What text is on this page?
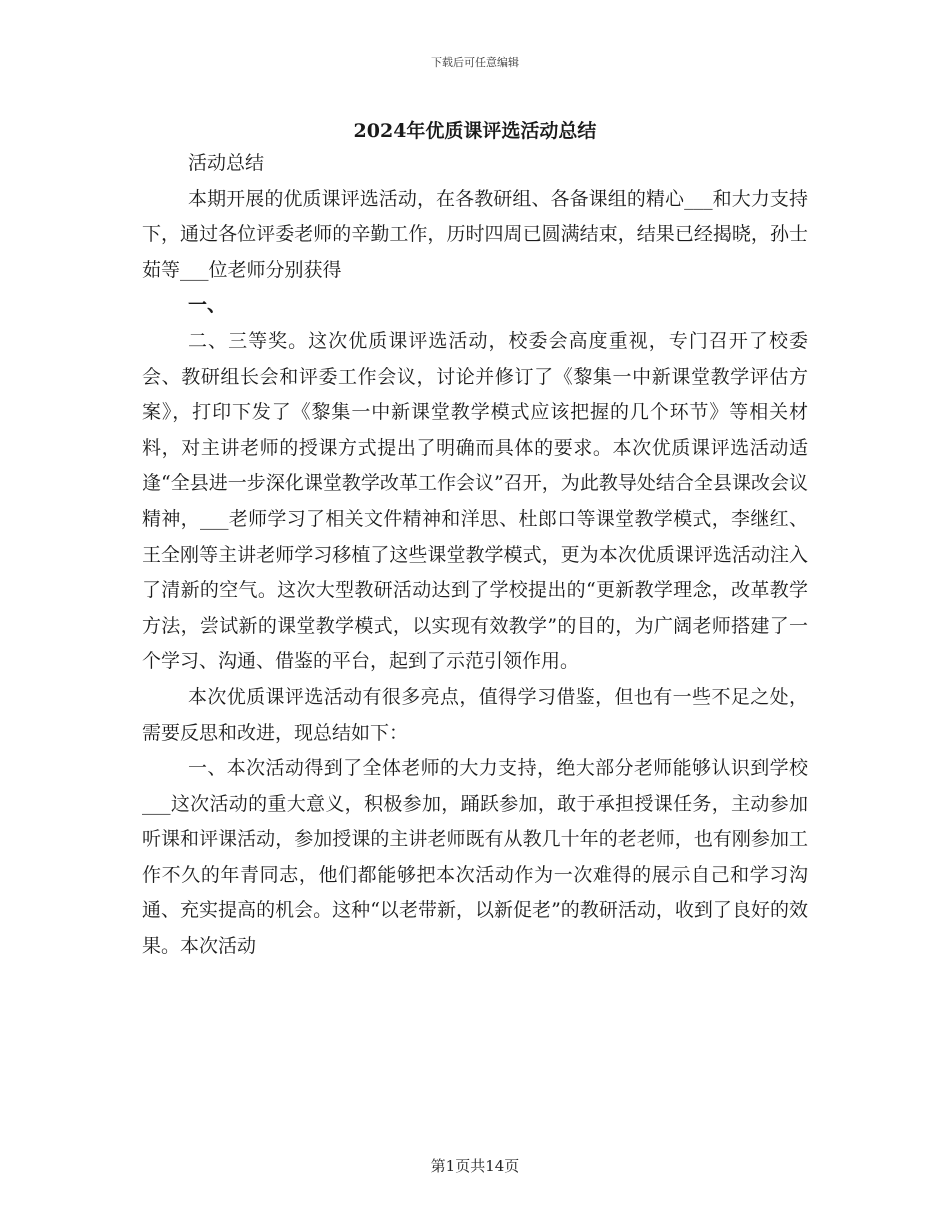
下载后可任意编辑
2024年优质课评选活动总结

活动总结

本期开展的优质课评选活动，在各教研组、各备课组的精心___和大力支持下，通过各位评委老师的辛勤工作，历时四周已圆满结束，结果已经揭晓，孙士茹等___位老师分别获得

一、

二、三等奖。这次优质课评选活动，校委会高度重视，专门召开了校委会、教研组长会和评委工作会议，讨论并修订了《黎集一中新课堂教学评估方案》，打印下发了《黎集一中新课堂教学模式应该把握的几个环节》等相关材料，对主讲老师的授课方式提出了明确而具体的要求。本次优质课评选活动适逢“全县进一步深化课堂教学改革工作会议”召开，为此教导处结合全县课改会议精神，___老师学习了相关文件精神和洋思、杜郎口等课堂教学模式，李继红、王全刚等主讲老师学习移植了这些课堂教学模式，更为本次优质课评选活动注入了清新的空气。这次大型教研活动达到了学校提出的“更新教学理念，改革教学方法，尝试新的课堂教学模式，以实现有效教学”的目的，为广阔老师搭建了一个学习、沟通、借鉴的平台，起到了示范引领作用。

本次优质课评选活动有很多亮点，值得学习借鉴，但也有一些不足之处，需要反思和改进，现总结如下：

一、本次活动得到了全体老师的大力支持，绝大部分老师能够认识到学校___这次活动的重大意义，积极参加，踊跃参加，敢于承担授课任务，主动参加听课和评课活动，参加授课的主讲老师既有从教几十年的老老师，也有刚参加工作不久的年青同志，他们都能够把本次活动作为一次难得的展示自己和学习沟通、充实提高的机会。这种“以老带新，以新促老”的教研活动，收到了良好的效果。本次活动

第1页共14页
